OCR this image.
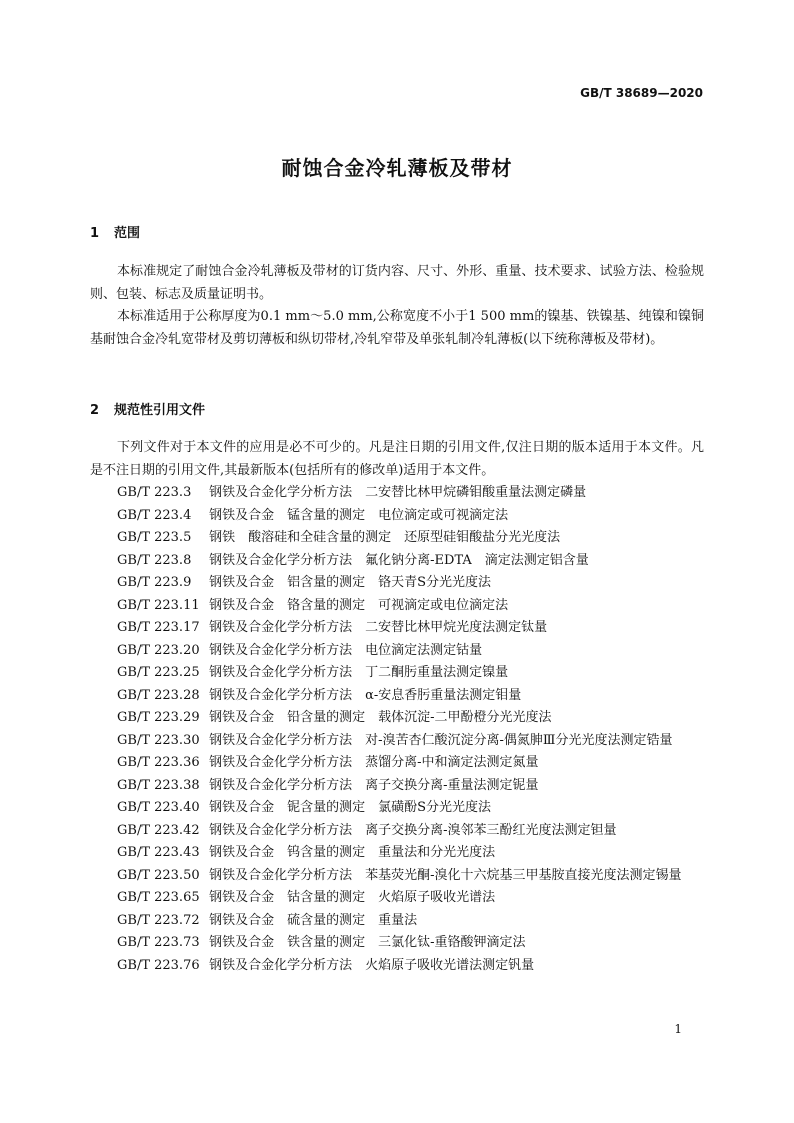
GB/T 38689—2020
耐蚀合金冷轧薄板及带材
1 范围

本标准规定了耐蚀合金冷轧薄板及带材的订货内容、尺寸、外形、重量、技术要求、试验方法、检验规则、包装、标志及质量证明书。

本标准适用于公称厚度为0.1 mm～5.0 mm,公称宽度不小于1 500 mm的镍基、铁镍基、纯镍和镍铜基耐蚀合金冷轧宽带材及剪切薄板和纵切带材,冷轧窄带及单张轧制冷轧薄板(以下统称薄板及带材)。

2 规范性引用文件

下列文件对于本文件的应用是必不可少的。凡是注日期的引用文件,仅注日期的版本适用于本文件。凡是不注日期的引用文件,其最新版本(包括所有的修改单)适用于本文件。

GB/T 223.3 钢铁及合金化学分析方法　二安替比林甲烷磷钼酸重量法测定磷量
GB/T 223.4 钢铁及合金　锰含量的测定　电位滴定或可视滴定法
GB/T 223.5 钢铁　酸溶硅和全硅含量的测定　还原型硅钼酸盐分光光度法
GB/T 223.8 钢铁及合金化学分析方法　氟化钠分离-EDTA　滴定法测定铝含量
GB/T 223.9 钢铁及合金　铝含量的测定　铬天青S分光光度法
GB/T 223.11 钢铁及合金　铬含量的测定　可视滴定或电位滴定法
GB/T 223.17 钢铁及合金化学分析方法　二安替比林甲烷光度法测定钛量
GB/T 223.20 钢铁及合金化学分析方法　电位滴定法测定钴量
GB/T 223.25 钢铁及合金化学分析方法　丁二酮肟重量法测定镍量
GB/T 223.28 钢铁及合金化学分析方法　α-安息香肟重量法测定钼量
GB/T 223.29 钢铁及合金　铅含量的测定　载体沉淀-二甲酚橙分光光度法
GB/T 223.30 钢铁及合金化学分析方法　对-溴苦杏仁酸沉淀分离-偶氮胂Ⅲ分光光度法测定锆量
GB/T 223.36 钢铁及合金化学分析方法　蒸馏分离-中和滴定法测定氮量
GB/T 223.38 钢铁及合金化学分析方法　离子交换分离-重量法测定铌量
GB/T 223.40 钢铁及合金　铌含量的测定　氯磺酚S分光光度法
GB/T 223.42 钢铁及合金化学分析方法　离子交换分离-溴邻苯三酚红光度法测定钽量
GB/T 223.43 钢铁及合金　钨含量的测定　重量法和分光光度法
GB/T 223.50 钢铁及合金化学分析方法　苯基荧光酮-溴化十六烷基三甲基胺直接光度法测定锡量
GB/T 223.65 钢铁及合金　钴含量的测定　火焰原子吸收光谱法
GB/T 223.72 钢铁及合金　硫含量的测定　重量法
GB/T 223.73 钢铁及合金　铁含量的测定　三氯化钛-重铬酸钾滴定法
GB/T 223.76 钢铁及合金化学分析方法　火焰原子吸收光谱法测定钒量
1
